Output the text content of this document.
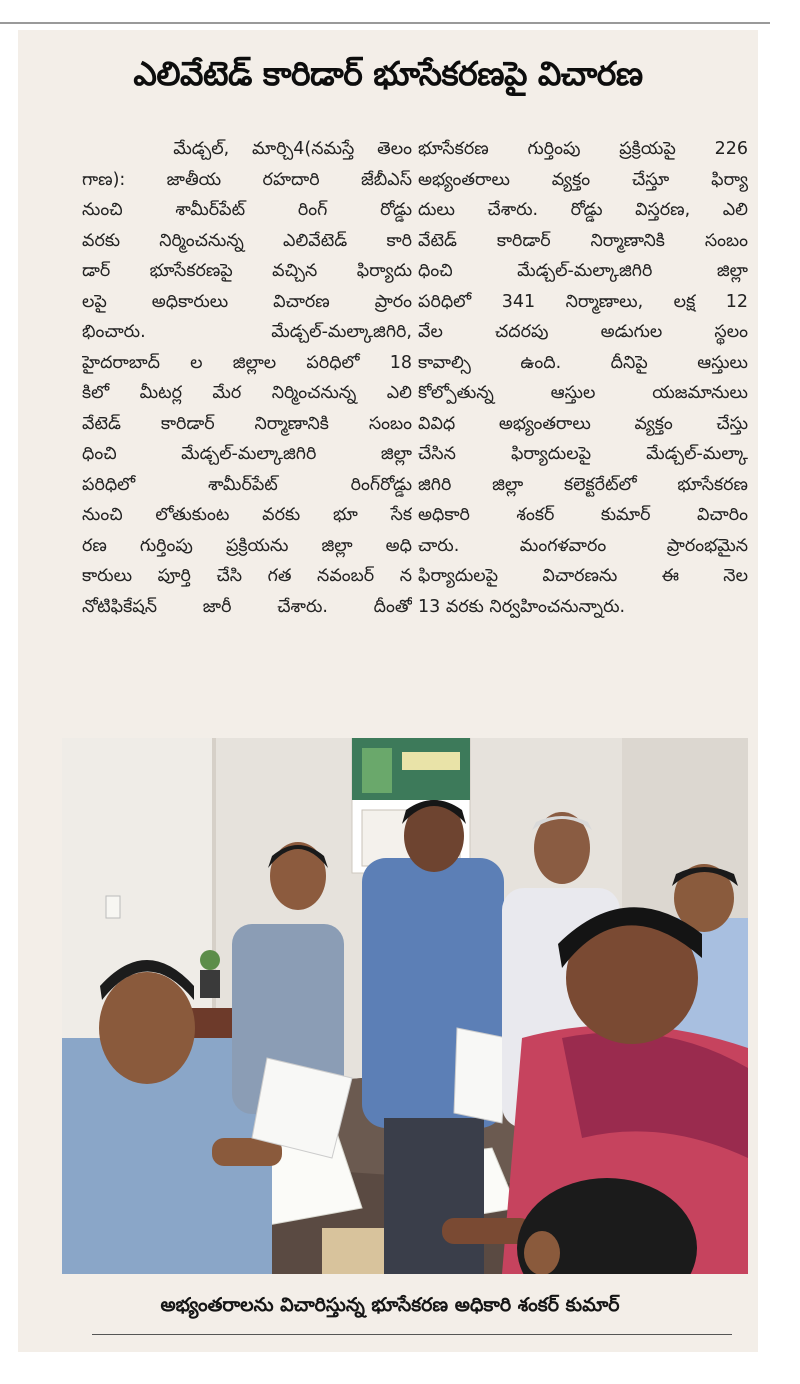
ఎలివేటెడ్ కారిడార్ భూసేకరణపై విచారణ
మేడ్చల్, మార్చి4(నమస్తే తెలం
గాణ): జాతీయ రహదారి జేబీఎస్
నుంచి శామీర్‌పేట్ రింగ్ రోడ్డు
వరకు నిర్మించనున్న ఎలివేటెడ్ కారి
డార్ భూసేకరణపై వచ్చిన ఫిర్యాదు
లపై అధికారులు విచారణ ప్రారం
భించారు. మేడ్చల్-మల్కాజిగిరి,
హైదరాబాద్ ల జిల్లాల పరిధిలో 18
కిలో మీటర్ల మేర నిర్మించనున్న ఎలి
వేటెడ్ కారిడార్ నిర్మాణానికి సంబం
ధించి మేడ్చల్-మల్కాజిగిరి జిల్లా
పరిధిలో శామీర్‌పేట్ రింగ్‌రోడ్డు
నుంచి లోతుకుంట వరకు భూ సేక
రణ గుర్తింపు ప్రక్రియను జిల్లా అధి
కారులు పూర్తి చేసి గత నవంబర్ న
నోటిఫికేషన్ జారీ చేశారు. దీంతో
భూసేకరణ గుర్తింపు ప్రక్రియపై 226
అభ్యంతరాలు వ్యక్తం చేస్తూ ఫిర్యా
దులు చేశారు. రోడ్డు విస్తరణ, ఎలి
వేటెడ్ కారిడార్ నిర్మాణానికి సంబం
ధించి మేడ్చల్-మల్కాజిగిరి జిల్లా
పరిధిలో 341 నిర్మాణాలు, లక్ష 12
వేల చదరపు అడుగుల స్థలం
కావాల్సి ఉంది. దీనిపై ఆస్తులు
కోల్పోతున్న ఆస్తుల యజమానులు
వివిధ అభ్యంతరాలు వ్యక్తం చేస్తు
చేసిన ఫిర్యాదులపై మేడ్చల్-మల్కా
జిగిరి జిల్లా కలెక్టరేట్‌లో భూసేకరణ
అధికారి శంకర్ కుమార్ విచారిం
చారు. మంగళవారం ప్రారంభమైన
ఫిర్యాదులపై విచారణను ఈ నెల
13 వరకు నిర్వహించనున్నారు.
అభ్యంతరాలను విచారిస్తున్న భూసేకరణ అధికారి శంకర్ కుమార్
